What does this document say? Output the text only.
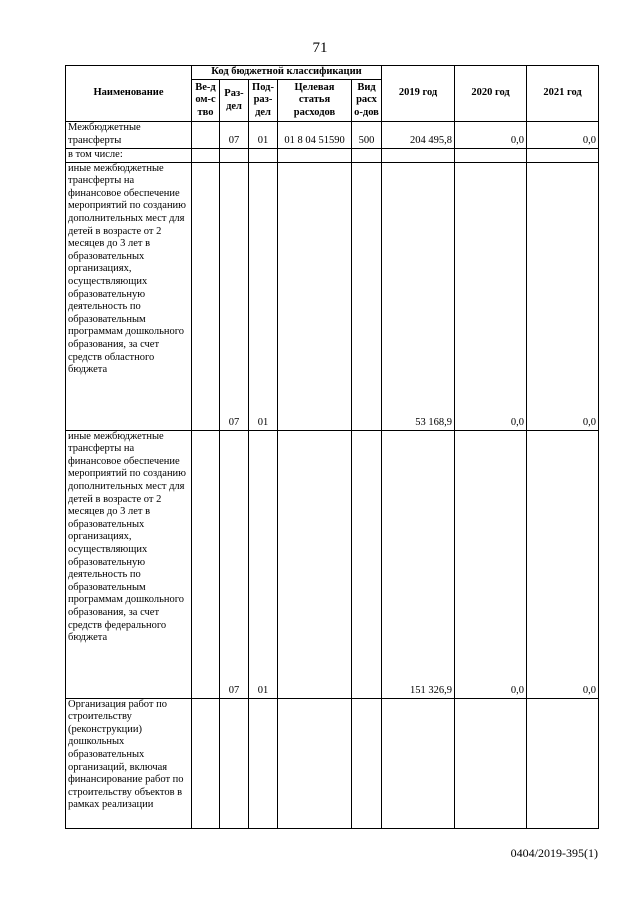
71
Наименование	Код бюджетной классификации					2019 год	2020 год	2021 год
	Ве-дом-ство	Раз-дел	Под-раз-дел	Целевая статья расходов	Вид расхо-дов			
Межбюджетные трансферты		07	01	01 8 04 51590	500	204 495,8	0,0	0,0
в том числе:								
иные межбюджетные трансферты на финансовое обеспечение мероприятий по созданию дополнительных мест для детей в возрасте от 2 месяцев до 3 лет в образовательных организациях, осуществляющих образовательную деятельность по образовательным программам дошкольного образования, за счет средств областного бюджета		07	01			53 168,9	0,0	0,0
иные межбюджетные трансферты на финансовое обеспечение мероприятий по созданию дополнительных мест для детей в возрасте от 2 месяцев до 3 лет в образовательных организациях, осуществляющих образовательную деятельность по образовательным программам дошкольного образования, за счет средств федерального бюджета		07	01			151 326,9	0,0	0,0
Организация работ по строительству (реконструкции) дошкольных образовательных организаций, включая финансирование работ по строительству объектов в рамках реализации								
0404/2019-395(1)
